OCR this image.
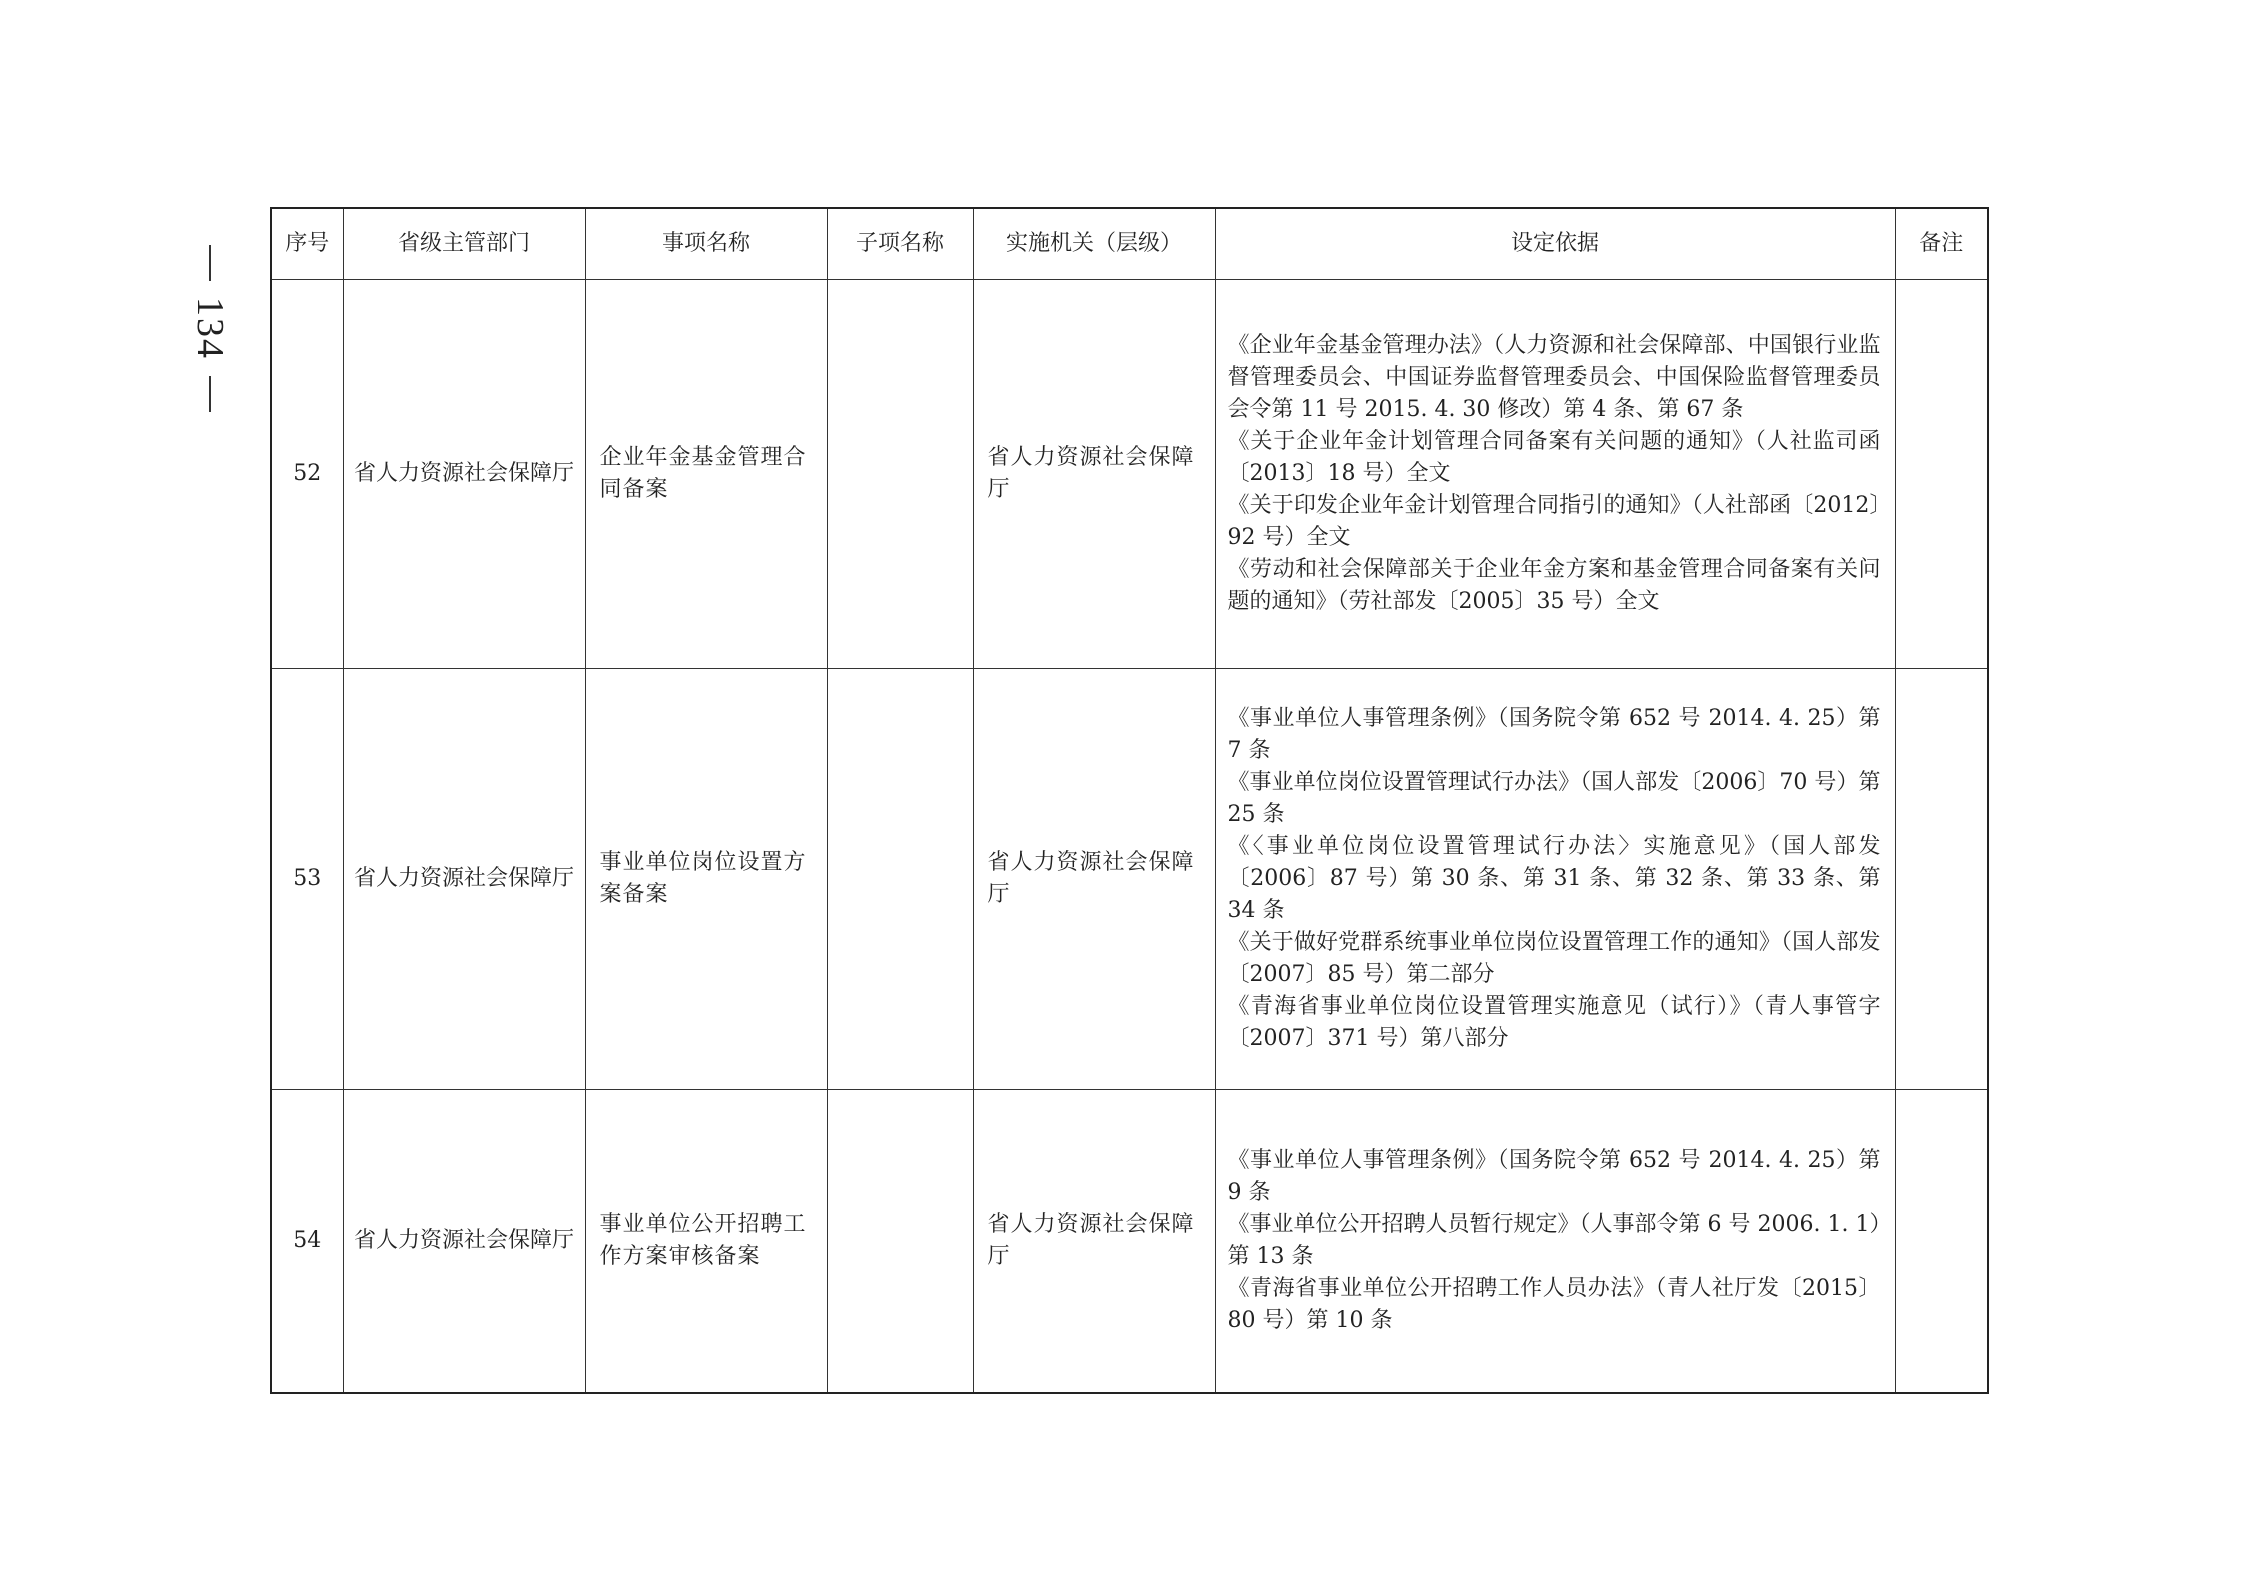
134
序号	省级主管部门	事项名称	子项名称	实施机关（层级）	设定依据	备注
52	省人力资源社会保障厅	企业年金基金管理合同备案		省人力资源社会保障厅	《企业年金基金管理办法》（人力资源和社会保障部、中国银行业监督管理委员会、中国证券监督管理委员会、中国保险监督管理委员会令第 11 号 2015. 4. 30 修改）第 4 条、第 67 条
《关于企业年金计划管理合同备案有关问题的通知》（人社监司函〔2013〕18 号）全文
《关于印发企业年金计划管理合同指引的通知》（人社部函〔2012〕92 号）全文
《劳动和社会保障部关于企业年金方案和基金管理合同备案有关问题的通知》（劳社部发〔2005〕35 号）全文	

53	省人力资源社会保障厅	事业单位岗位设置方案备案		省人力资源社会保障厅	《事业单位人事管理条例》（国务院令第 652 号 2014. 4. 25）第 7 条
《事业单位岗位设置管理试行办法》（国人部发〔2006〕70 号）第 25 条
《〈事业单位岗位设置管理试行办法〉实施意见》（国人部发〔2006〕87 号）第 30 条、第 31 条、第 32 条、第 33 条、第 34 条
《关于做好党群系统事业单位岗位设置管理工作的通知》（国人部发〔2007〕85 号）第二部分
《青海省事业单位岗位设置管理实施意见（试行）》（青人事管字〔2007〕371 号）第八部分	

54	省人力资源社会保障厅	事业单位公开招聘工作方案审核备案		省人力资源社会保障厅	《事业单位人事管理条例》（国务院令第 652 号 2014. 4. 25）第 9 条
《事业单位公开招聘人员暂行规定》（人事部令第 6 号 2006. 1. 1）第 13 条
《青海省事业单位公开招聘工作人员办法》（青人社厅发〔2015〕80 号）第 10 条	
